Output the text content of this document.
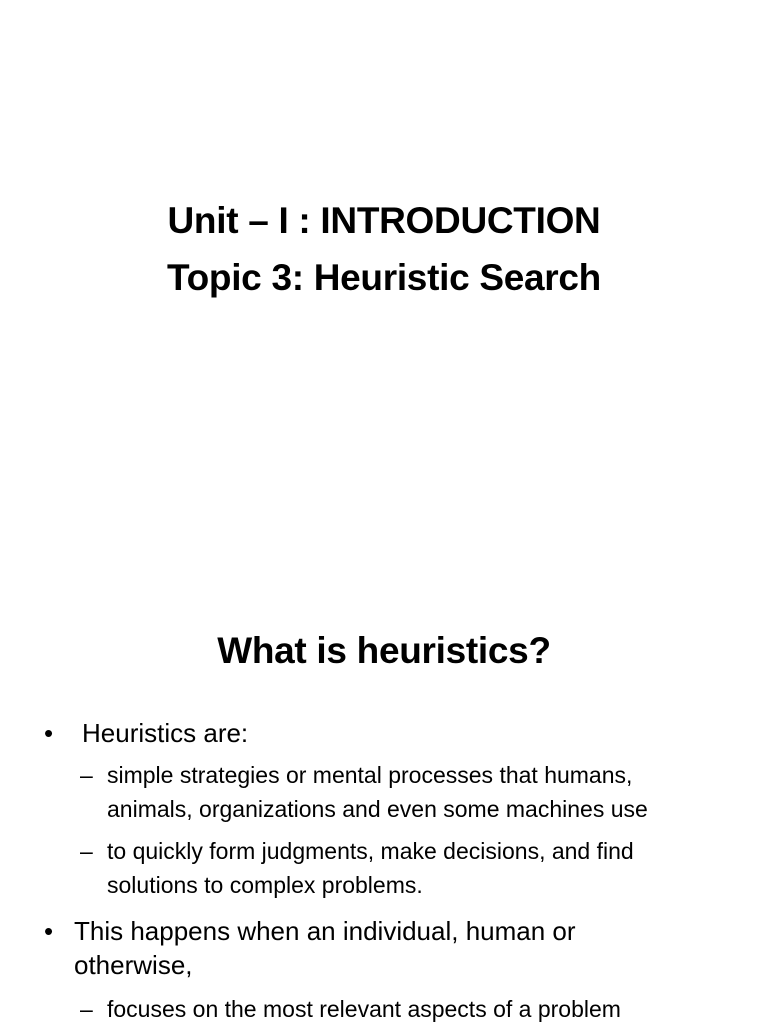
Unit – I : INTRODUCTION
Topic 3: Heuristic Search
What is heuristics?
• Heuristics are:
– simple strategies or mental processes that humans,
animals, organizations and even some machines use
– to quickly form judgments, make decisions, and find
solutions to complex problems.
• This happens when an individual, human or
otherwise,
– focuses on the most relevant aspects of a problem
